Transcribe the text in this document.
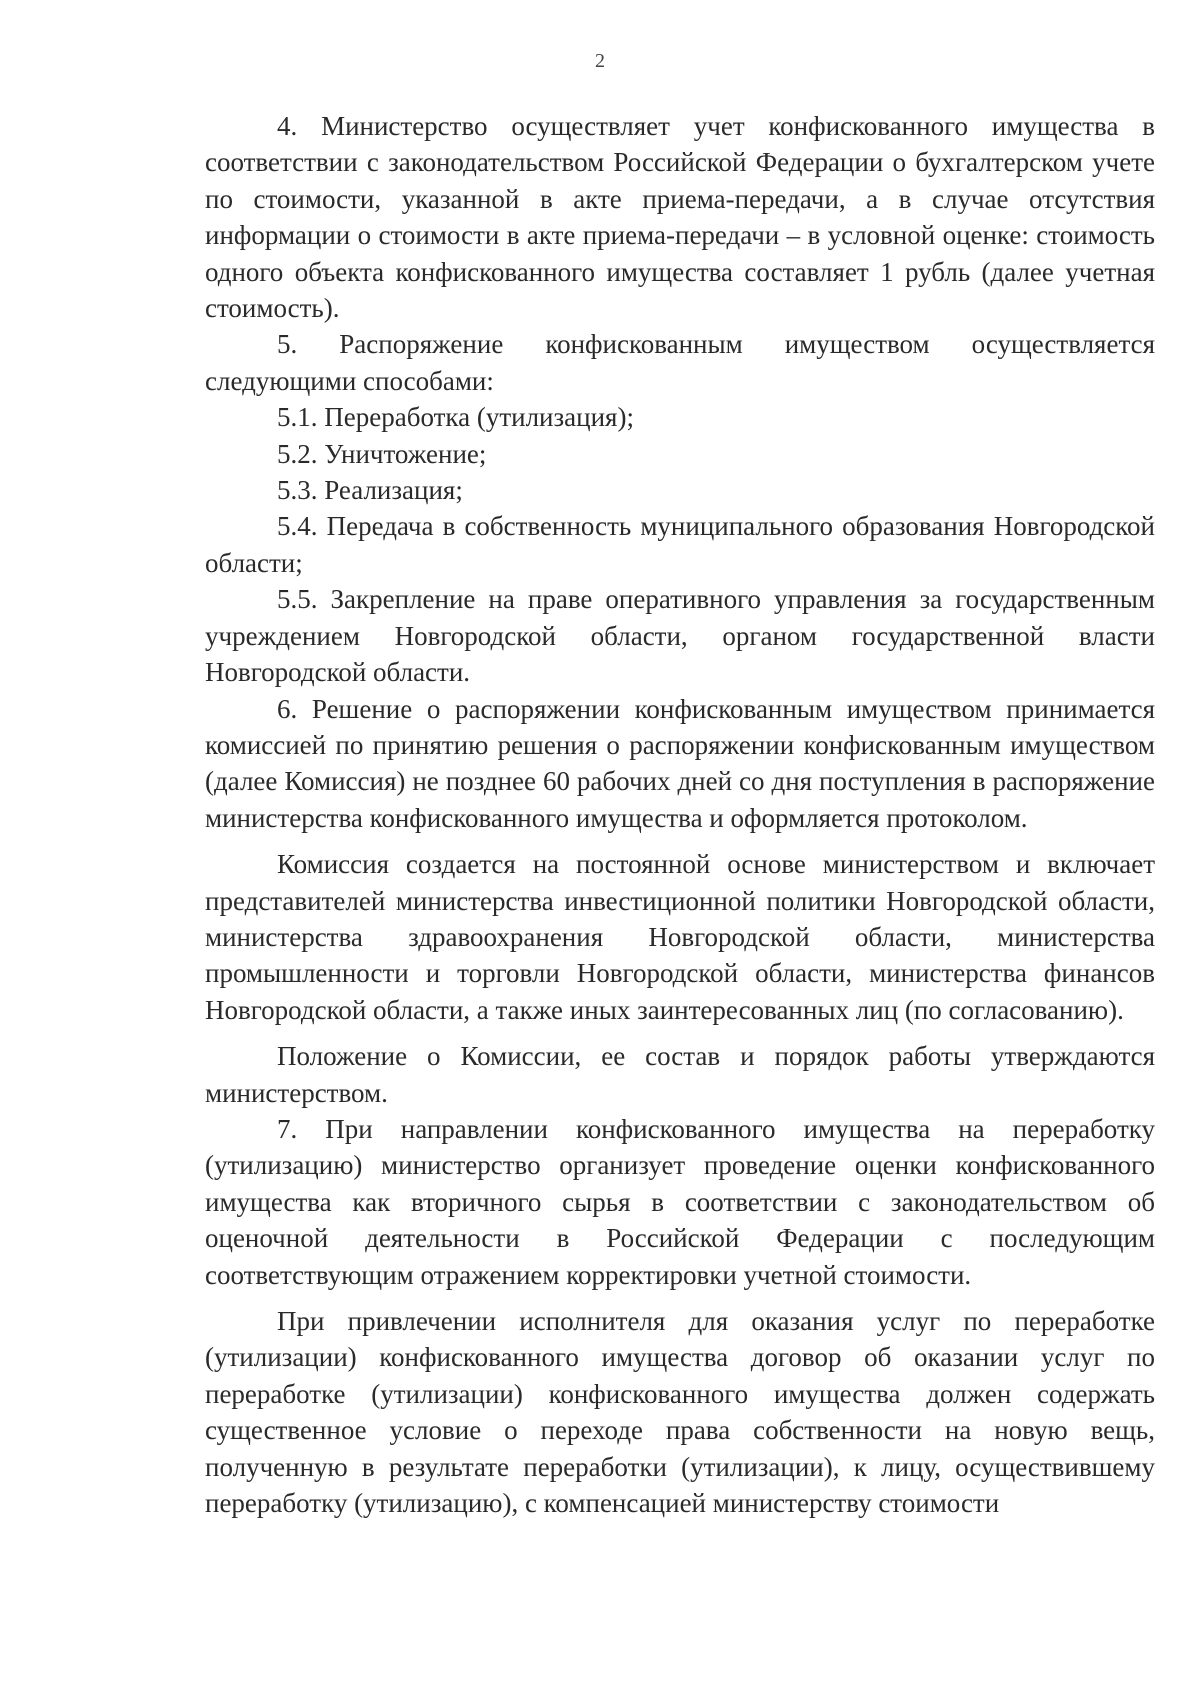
2

4. Министерство осуществляет учет конфискованного имущества в соответствии с законодательством Российской Федерации о бухгалтерском учете по стоимости, указанной в акте приема-передачи, а в случае отсутствия информации о стоимости в акте приема-передачи – в условной оценке: стоимость одного объекта конфискованного имущества составляет 1 рубль (далее учетная стоимость).

5. Распоряжение конфискованным имуществом осуществляется следующими способами:

5.1. Переработка (утилизация);

5.2. Уничтожение;

5.3. Реализация;

5.4. Передача в собственность муниципального образования Новгородской области;

5.5. Закрепление на праве оперативного управления за государственным учреждением Новгородской области, органом государственной власти Новгородской области.

6. Решение о распоряжении конфискованным имуществом принимается комиссией по принятию решения о распоряжении конфискованным имуществом (далее Комиссия) не позднее 60 рабочих дней со дня поступления в распоряжение министерства конфискованного имущества и оформляется протоколом.

Комиссия создается на постоянной основе министерством и включает представителей министерства инвестиционной политики Новгородской области, министерства здравоохранения Новгородской области, министерства промышленности и торговли Новгородской области, министерства финансов Новгородской области, а также иных заинтересованных лиц (по согласованию).

Положение о Комиссии, ее состав и порядок работы утверждаются министерством.

7. При направлении конфискованного имущества на переработку (утилизацию) министерство организует проведение оценки конфискованного имущества как вторичного сырья в соответствии с законодательством об оценочной деятельности в Российской Федерации с последующим соответствующим отражением корректировки учетной стоимости.

При привлечении исполнителя для оказания услуг по переработке (утилизации) конфискованного имущества договор об оказании услуг по переработке (утилизации) конфискованного имущества должен содержать существенное условие о переходе права собственности на новую вещь, полученную в результате переработки (утилизации), к лицу, осуществившему переработку (утилизацию), с компенсацией министерству стоимости
